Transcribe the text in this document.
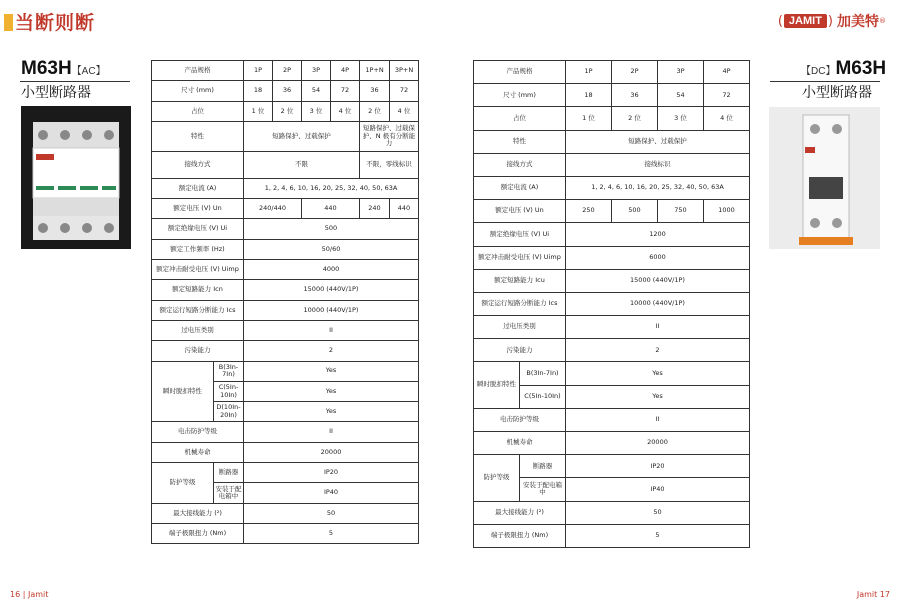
当断则断	( JAMIT ) 加美特 ®
M63H【AC】
小型断路器
产品规格		1P	2P	3P	4P	1P+N	3P+N
尺寸 (mm)		18	36	54	72	36	72
占位		1 位	2 位	3 位	4 位	2 位	4 位
特性		短路保护、过载保护				短路保护、过载保护、N 极有分断能力	
接线方式		不限				不限，零线标识	
额定电流 (A)		1, 2, 4, 6, 10, 16, 20, 25, 32, 40, 50, 63A					
额定电压 (V) Un		240/440		440		240	440
额定绝缘电压 (V) Ui		500					
额定工作频率 (Hz)		50/60					
额定冲击耐受电压 (V) Uimp		4000					
额定短路能力 Icn		15000 (440V/1P)					
额定运行短路分断能力 Ics		10000 (440V/1P)					
过电压类别		II					
污染能力		2					
瞬时脱扣特性	B(3In-7In)	Yes					
	C(5In-10In)	Yes					
	D(10In-20In)	Yes					
电击防护等级		II					
机械寿命		20000					
防护等级	断路器	IP20					
	安装于配电箱中	IP40					
最大接线能力 (²)		50					
端子极限扭力 (Nm)		5					
【DC】M63H
小型断路器
产品规格		1P	2P	3P	4P
尺寸 (mm)		18	36	54	72
占位		1 位	2 位	3 位	4 位
特性		短路保护、过载保护			
接线方式		接线标识			
额定电流 (A)		1, 2, 4, 6, 10, 16, 20, 25, 32, 40, 50, 63A			
额定电压 (V) Un		250	500	750	1000
额定绝缘电压 (V) Ui		1200			
额定冲击耐受电压 (V) Uimp		6000			
额定短路能力 Icu		15000 (440V/1P)			
额定运行短路分断能力 Ics		10000 (440V/1P)			
过电压类别		II			
污染能力		2			
瞬时脱扣特性	B(3In-7In)	Yes			
	C(5In-10In)	Yes			
电击防护等级		II			
机械寿命		20000			
防护等级	断路器	IP20			
	安装于配电箱中	IP40			
最大接线能力 (²)		50			
端子极限扭力 (Nm)		5			
16 | Jamit	Jamit 17
